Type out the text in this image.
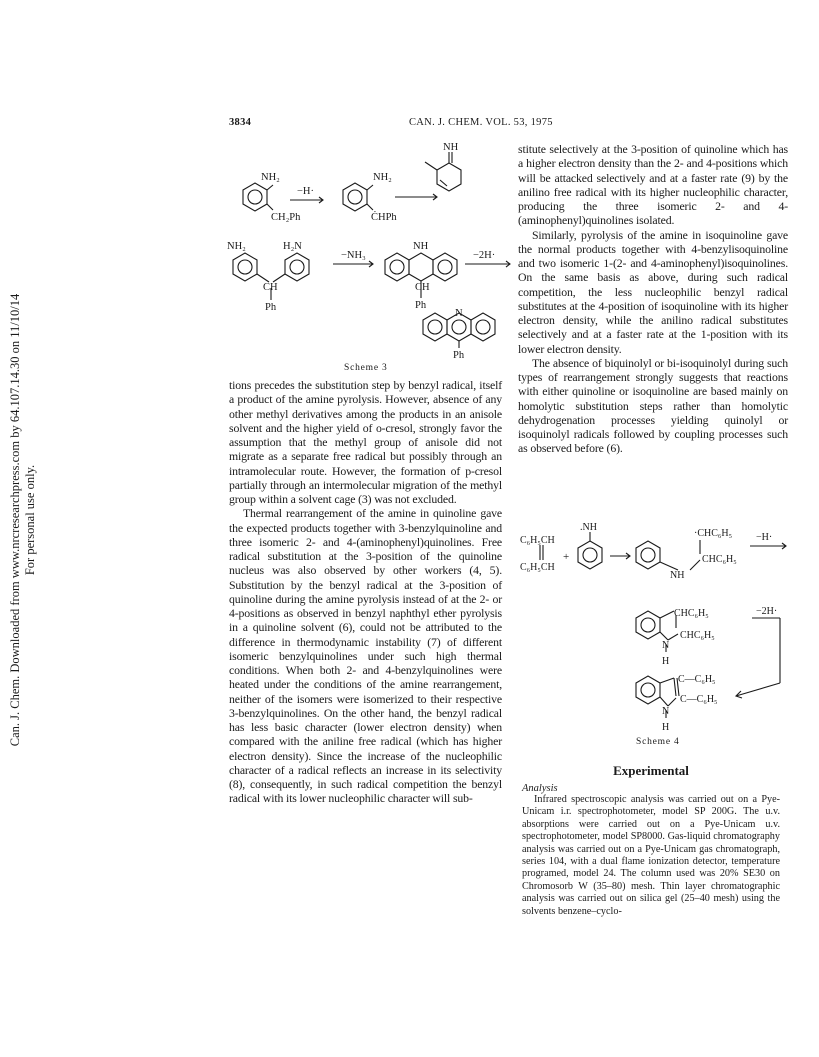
Can. J. Chem. Downloaded from www.nrcresearchpress.com by 64.107.14.30 on 11/10/14 For personal use only.
3834	CAN. J. CHEM. VOL. 53, 1975
NH₂
CH₂Ph
−H·
NH₂
ĊHPh
NH
NH₂	H₂N
CH
Ph
−NH₃
NH
CH
Ph
−2H·
N
Ph
Scheme 3

tions precedes the substitution step by benzyl radical, itself a product of the amine pyrolysis. However, absence of any other methyl derivatives among the products in an anisole solvent and the higher yield of o-cresol, strongly favor the assumption that the methyl group of anisole did not migrate as a separate free radical but possibly through an intramolecular route. However, the formation of p-cresol partially through an intermolecular migration of the methyl group within a solvent cage (3) was not excluded.

Thermal rearrangement of the amine in quinoline gave the expected products together with 3-benzylquinoline and three isomeric 2- and 4-(aminophenyl)quinolines. Free radical substitution at the 3-position of the quinoline nucleus was also observed by other workers (4, 5). Substitution by the benzyl radical at the 3-position of quinoline during the amine pyrolysis instead of at the 2- or 4-positions as observed in benzyl naphthyl ether pyrolysis in a quinoline solvent (6), could not be attributed to the difference in thermodynamic instability (7) of different isomeric benzylquinolines under such high thermal conditions. When both 2- and 4-benzylquinolines were heated under the conditions of the amine rearrangement, neither of the isomers were isomerized to their respective 3-benzylquinolines. On the other hand, the benzyl radical has less basic character (lower electron density) when compared with the aniline free radical (which has higher electron density). Since the increase of the nucleophilic character of a radical reflects an increase in its selectivity (8), consequently, in such radical competition the benzyl radical with its lower nucleophilic character will sub-

stitute selectively at the 3-position of quinoline which has a higher electron density than the 2- and 4-positions which will be attacked selectively and at a faster rate (9) by the anilino free radical with its higher nucleophilic character, producing the three isomeric 2- and 4-(aminophenyl)quinolines isolated.

Similarly, pyrolysis of the amine in isoquinoline gave the normal products together with 4-benzylisoquinoline and two isomeric 1-(2- and 4-aminophenyl)isoquinolines. On the same basis as above, during such radical competition, the less nucleophilic benzyl radical substitutes at the 4-position of isoquinoline with its higher electron density, while the anilino radical substitutes selectively and at a faster rate at the 1-position with its lower electron density.

The absence of biquinolyl or bi-isoquinolyl during such types of rearrangement strongly suggests that reactions with either quinoline or isoquinoline are based mainly on homolytic substitution steps rather than homolytic dehydrogenation processes yielding quinolyl or isoquinolyl radicals followed by coupling processes such as observed before (6).

C₆H₅CH
C₆H₅CH
+
.NH
·CHC₆H₅
CHC₆H₅
NH
−H·
CHC₆H₅
CHC₆H₅
N
H
−2H·
C—C₆H₅
C—C₆H₅
N
H
Scheme 4
Experimental
Analysis

Infrared spectroscopic analysis was carried out on a Pye-Unicam i.r. spectrophotometer, model SP 200G. The u.v. absorptions were carried out on a Pye-Unicam u.v. spectrophotometer, model SP8000. Gas-liquid chromatography analysis was carried out on a Pye-Unicam gas chromatograph, series 104, with a dual flame ionization detector, temperature programed, model 24. The column used was 20% SE30 on Chromosorb W (35–80) mesh. Thin layer chromatographic analysis was carried out on silica gel (25–40 mesh) using the solvents benzene–cyclo-
